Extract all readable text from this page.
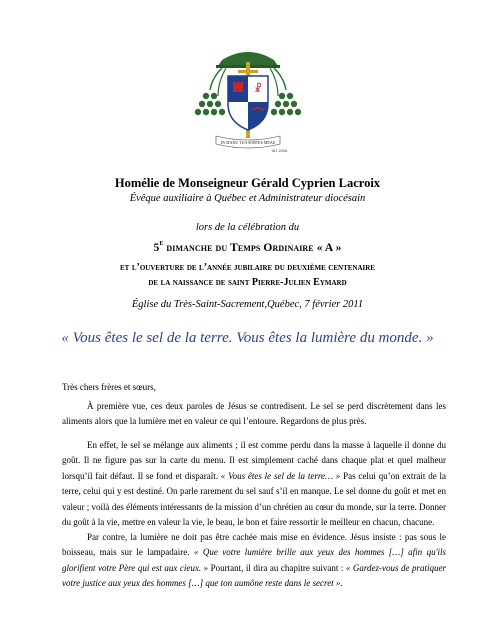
☧
IN MANU TUA SORTES MEAE
MJ 2006
Homélie de Monseigneur Gérald Cyprien Lacroix
Évêque auxiliaire à Québec et Administrateur diocésain
lors de la célébration du
$5^E$ dimanche du Temps Ordinaire « A »
et l’ouverture de l’année jubilaire du deuxième centenaire
de la naissance de saint Pierre-Julien Eymard
Église du Très-Saint-Sacrement,Québec, 7 février 2011
« Vous êtes le sel de la terre. Vous êtes la lumière du monde. »

Très chers frères et sœurs,

À première vue, ces deux paroles de Jésus se contredisent. Le sel se perd discrètement dans les aliments alors que la lumière met en valeur ce qui l’entoure. Regardons de plus près.

En effet, le sel se mélange aux aliments ; il est comme perdu dans la masse à laquelle il donne du goût. Il ne figure pas sur la carte du menu. Il est simplement caché dans chaque plat et quel malheur lorsqu’il fait défaut. Il se fond et disparaît. « Vous êtes le sel de la terre… » Pas celui qu’on extrait de la terre, celui qui y est destiné. On parle rarement du sel sauf s’il en manque. Le sel donne du goût et met en valeur ; voilà des éléments intéressants de la mission d’un chrétien au cœur du monde, sur la terre. Donner du goût à la vie, mettre en valeur la vie, le beau, le bon et faire ressortir le meilleur en chacun, chacune.

Par contre, la lumière ne doit pas être cachée mais mise en évidence. Jésus insiste : pas sous le boisseau, mais sur le lampadaire. « Que votre lumière brille aux yeux des hommes […] afin qu'ils glorifient votre Père qui est aux cieux. » Pourtant, il dira au chapitre suivant : « Gardez-vous de pratiquer votre justice aux yeux des hommes […] que ton aumône reste dans le secret ».
